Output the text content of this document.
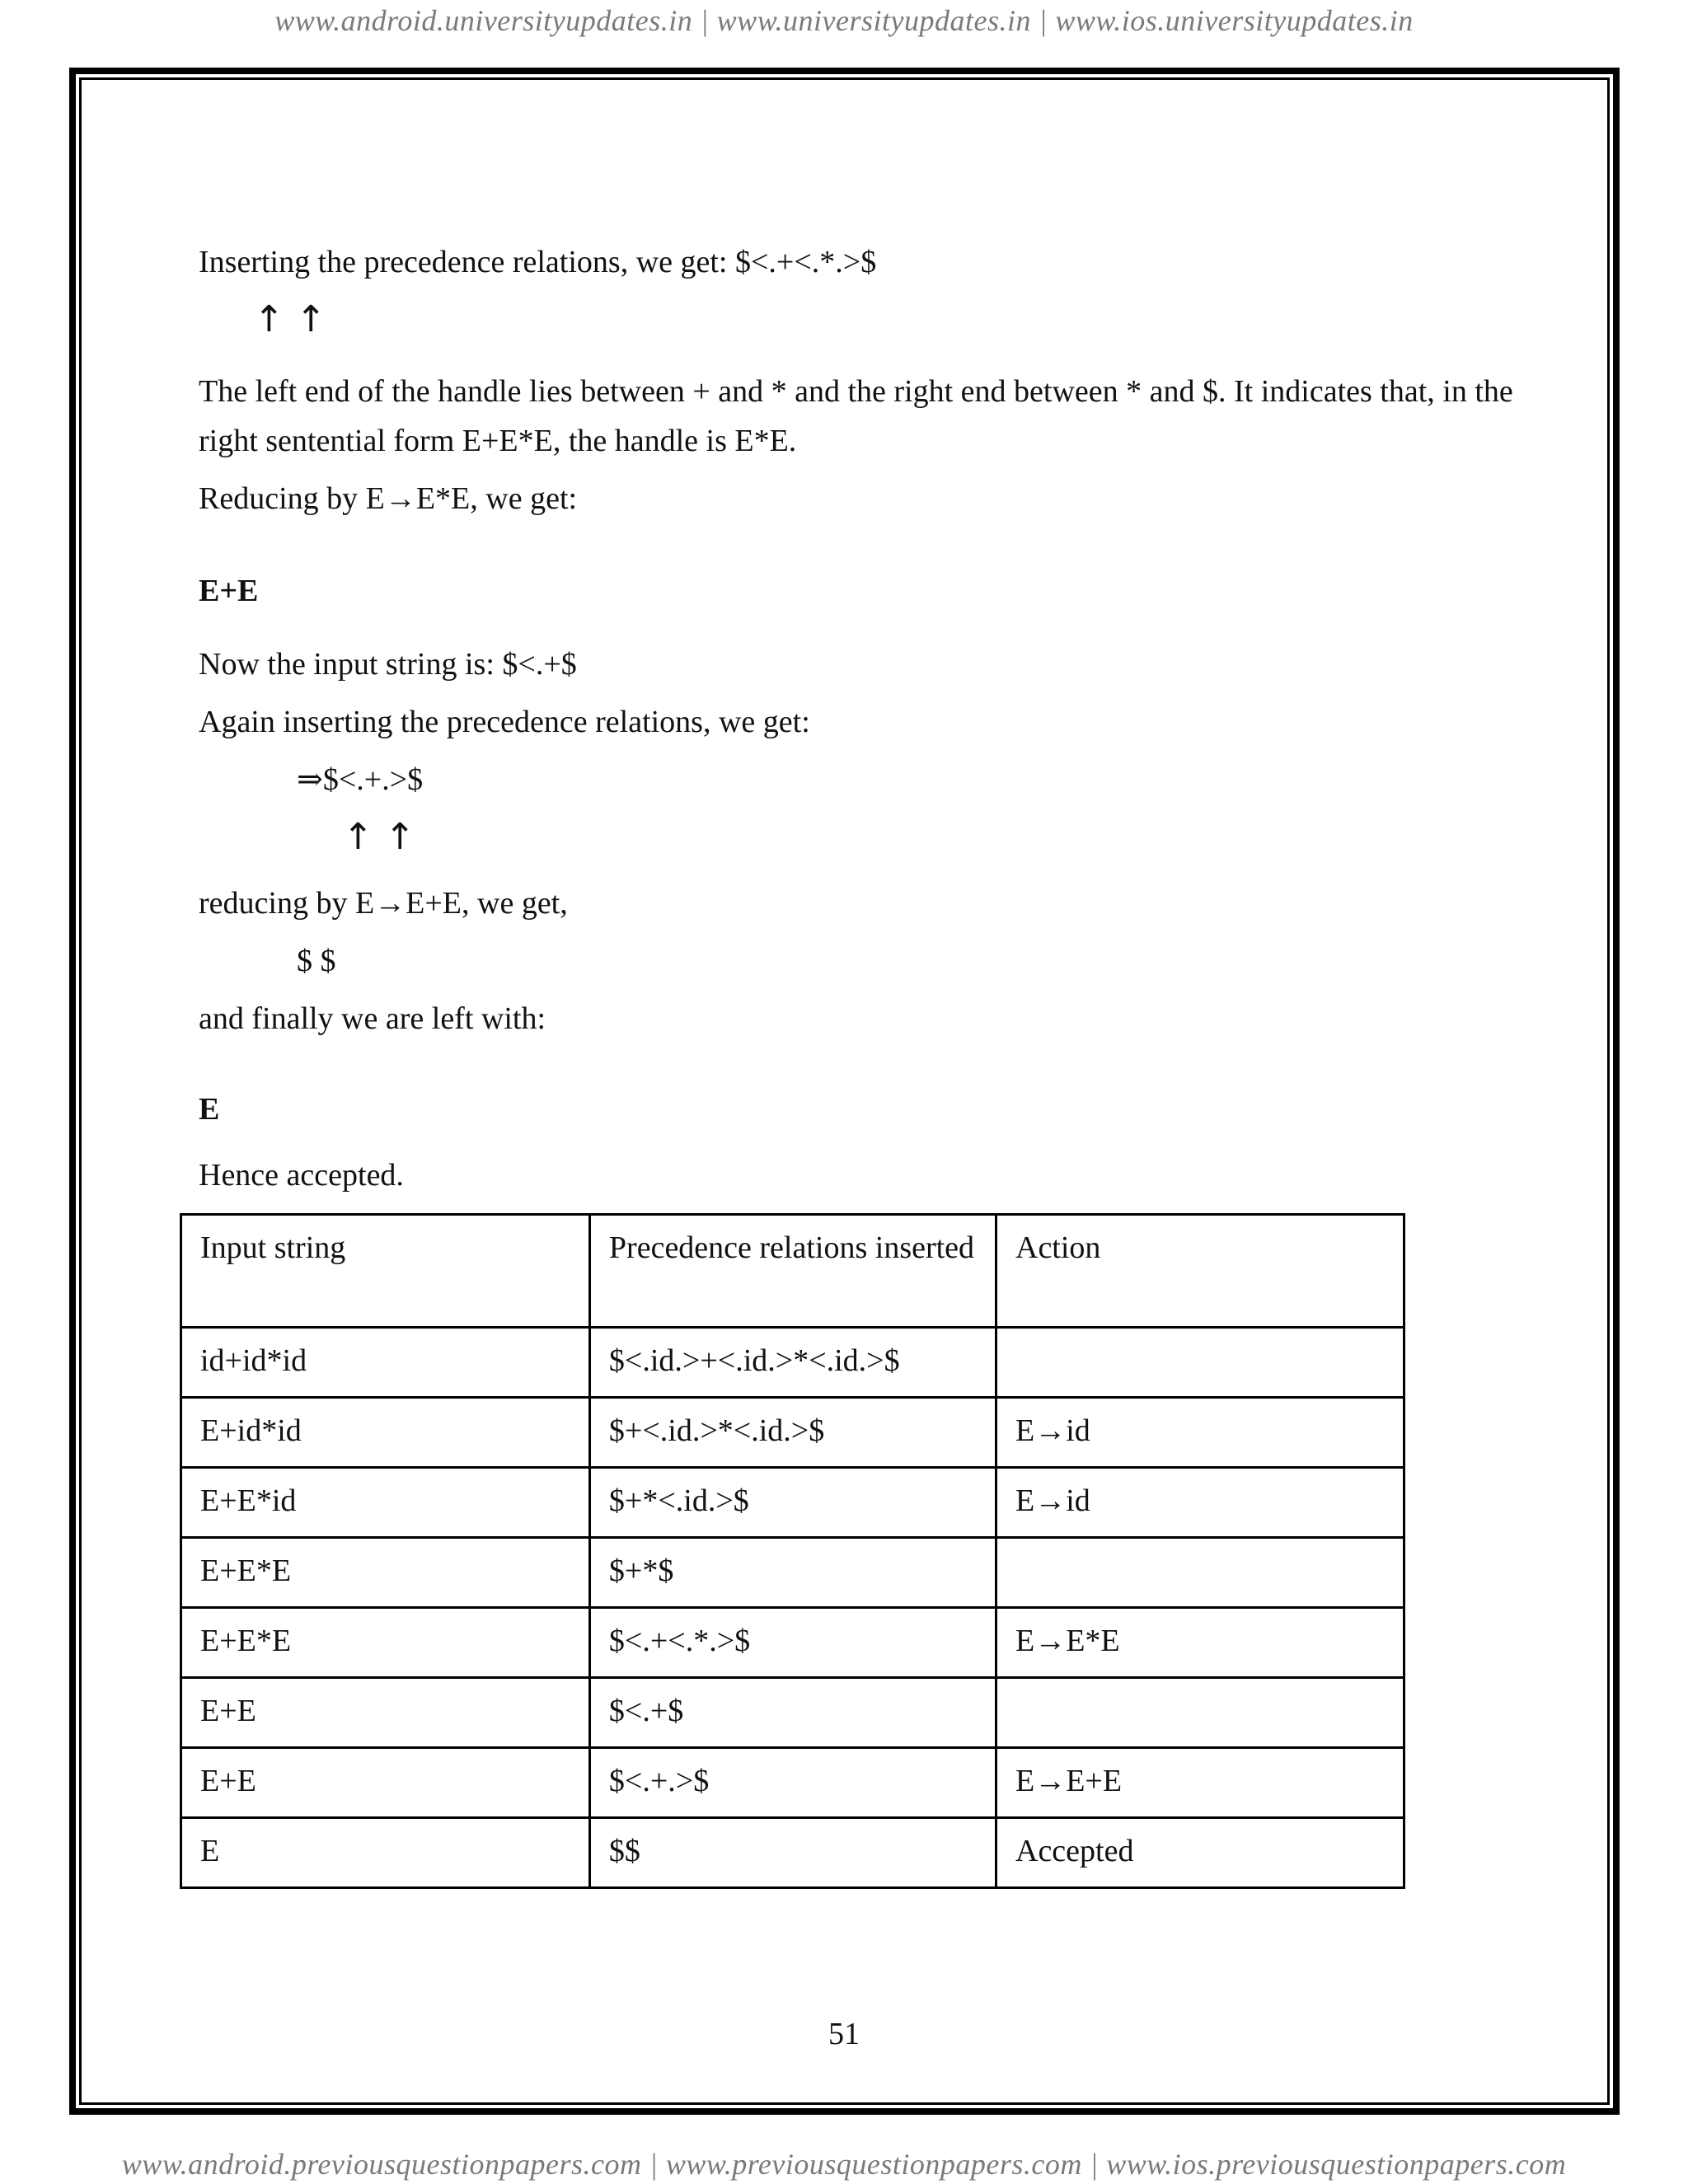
www.android.universityupdates.in | www.universityupdates.in | www.ios.universityupdates.in
Inserting the precedence relations, we get: $<.+<.*.>$
↑ ↑
The left end of the handle lies between + and * and the right end between * and $. It indicates that, in the right sentential form E+E*E, the handle is E*E.
Reducing by E→E*E, we get:
E+E
Now the input string is: $<.+$
Again inserting the precedence relations, we get:
⇒$<.+.>$
↑ ↑
reducing by E→E+E, we get,
$ $
and finally we are left with:
E
Hence accepted.
Input string	Precedence relations inserted	Action
id+id*id	$<.id.>+<.id.>*<.id.>$	
E+id*id	$+<.id.>*<.id.>$	E→id
E+E*id	$+*<.id.>$	E→id
E+E*E	$+*$	
E+E*E	$<.+<.*.>$	E→E*E
E+E	$<.+$	
E+E	$<.+.>$	E→E+E
E	$$	Accepted
51
www.android.previousquestionpapers.com | www.previousquestionpapers.com | www.ios.previousquestionpapers.com
